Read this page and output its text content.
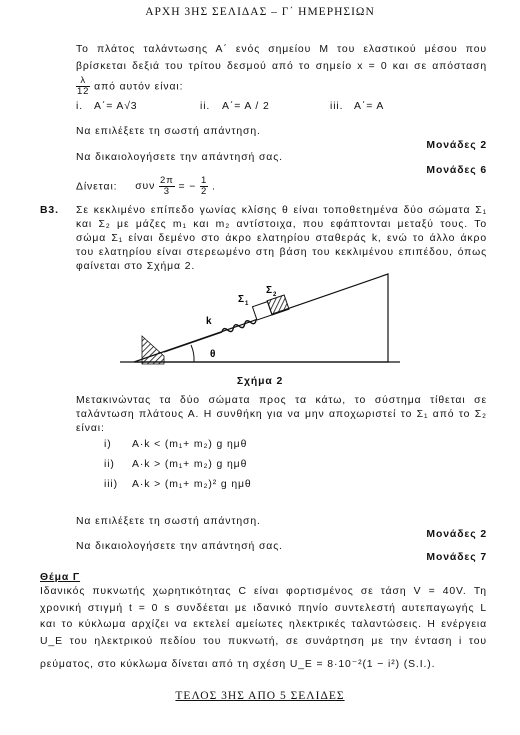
ΑΡΧΗ 3ΗΣ ΣΕΛΙΔΑΣ – Γ΄ ΗΜΕΡΗΣΙΩΝ
Το πλάτος ταλάντωσης Α΄ ενός σημείου Μ του ελαστικού μέσου που
βρίσκεται δεξιά του τρίτου δεσμού από το σημείο x = 0 και σε απόσταση
$\frac{\lambda}{12}$ από αυτόν είναι:
i. Α΄= Α√3	ii. Α΄= Α / 2	iii. Α΄= Α
Να επιλέξετε τη σωστή απάντηση.
Μονάδες 2
Να δικαιολογήσετε την απάντησή σας.
Μονάδες 6
Δίνεται: συν $\frac{2\pi}{3}$ = − $\frac{1}{2}$ .
Β3. Σε κεκλιμένο επίπεδο γωνίας κλίσης θ είναι τοποθετημένα δύο σώματα Σ₁
και Σ₂ με μάζες m₁ και m₂ αντίστοιχα, που εφάπτονται μεταξύ τους. Το
σώμα Σ₁ είναι δεμένο στο άκρο ελατηρίου σταθεράς k, ενώ το άλλο άκρο
του ελατηρίου είναι στερεωμένο στη βάση του κεκλιμένου επιπέδου, όπως
φαίνεται στο Σχήμα 2.
Σ 1
Σ 2
k
θ
Σχήμα 2
Μετακινώντας τα δύο σώματα προς τα κάτω, το σύστημα τίθεται σε
ταλάντωση πλάτους Α. Η συνθήκη για να μην αποχωριστεί το Σ₁ από το Σ₂
είναι:
i) Α·k < (m₁+ m₂) g ημθ
ii) Α·k > (m₁+ m₂) g ημθ
iii) Α·k > (m₁+ m₂)² g ημθ
Να επιλέξετε τη σωστή απάντηση.
Μονάδες 2
Να δικαιολογήσετε την απάντησή σας.
Μονάδες 7
Θέμα Γ
Ιδανικός πυκνωτής χωρητικότητας C είναι φορτισμένος σε τάση V = 40V. Τη
χρονική στιγμή t = 0 s συνδέεται με ιδανικό πηνίο συντελεστή αυτεπαγωγής L
και το κύκλωμα αρχίζει να εκτελεί αμείωτες ηλεκτρικές ταλαντώσεις. Η ενέργεια
U_E του ηλεκτρικού πεδίου του πυκνωτή, σε συνάρτηση με την ένταση i του
ρεύματος, στο κύκλωμα δίνεται από τη σχέση U_E = 8·10⁻²(1 − i²) (S.I.).
ΤΕΛΟΣ 3ΗΣ ΑΠΟ 5 ΣΕΛΙΔΕΣ
